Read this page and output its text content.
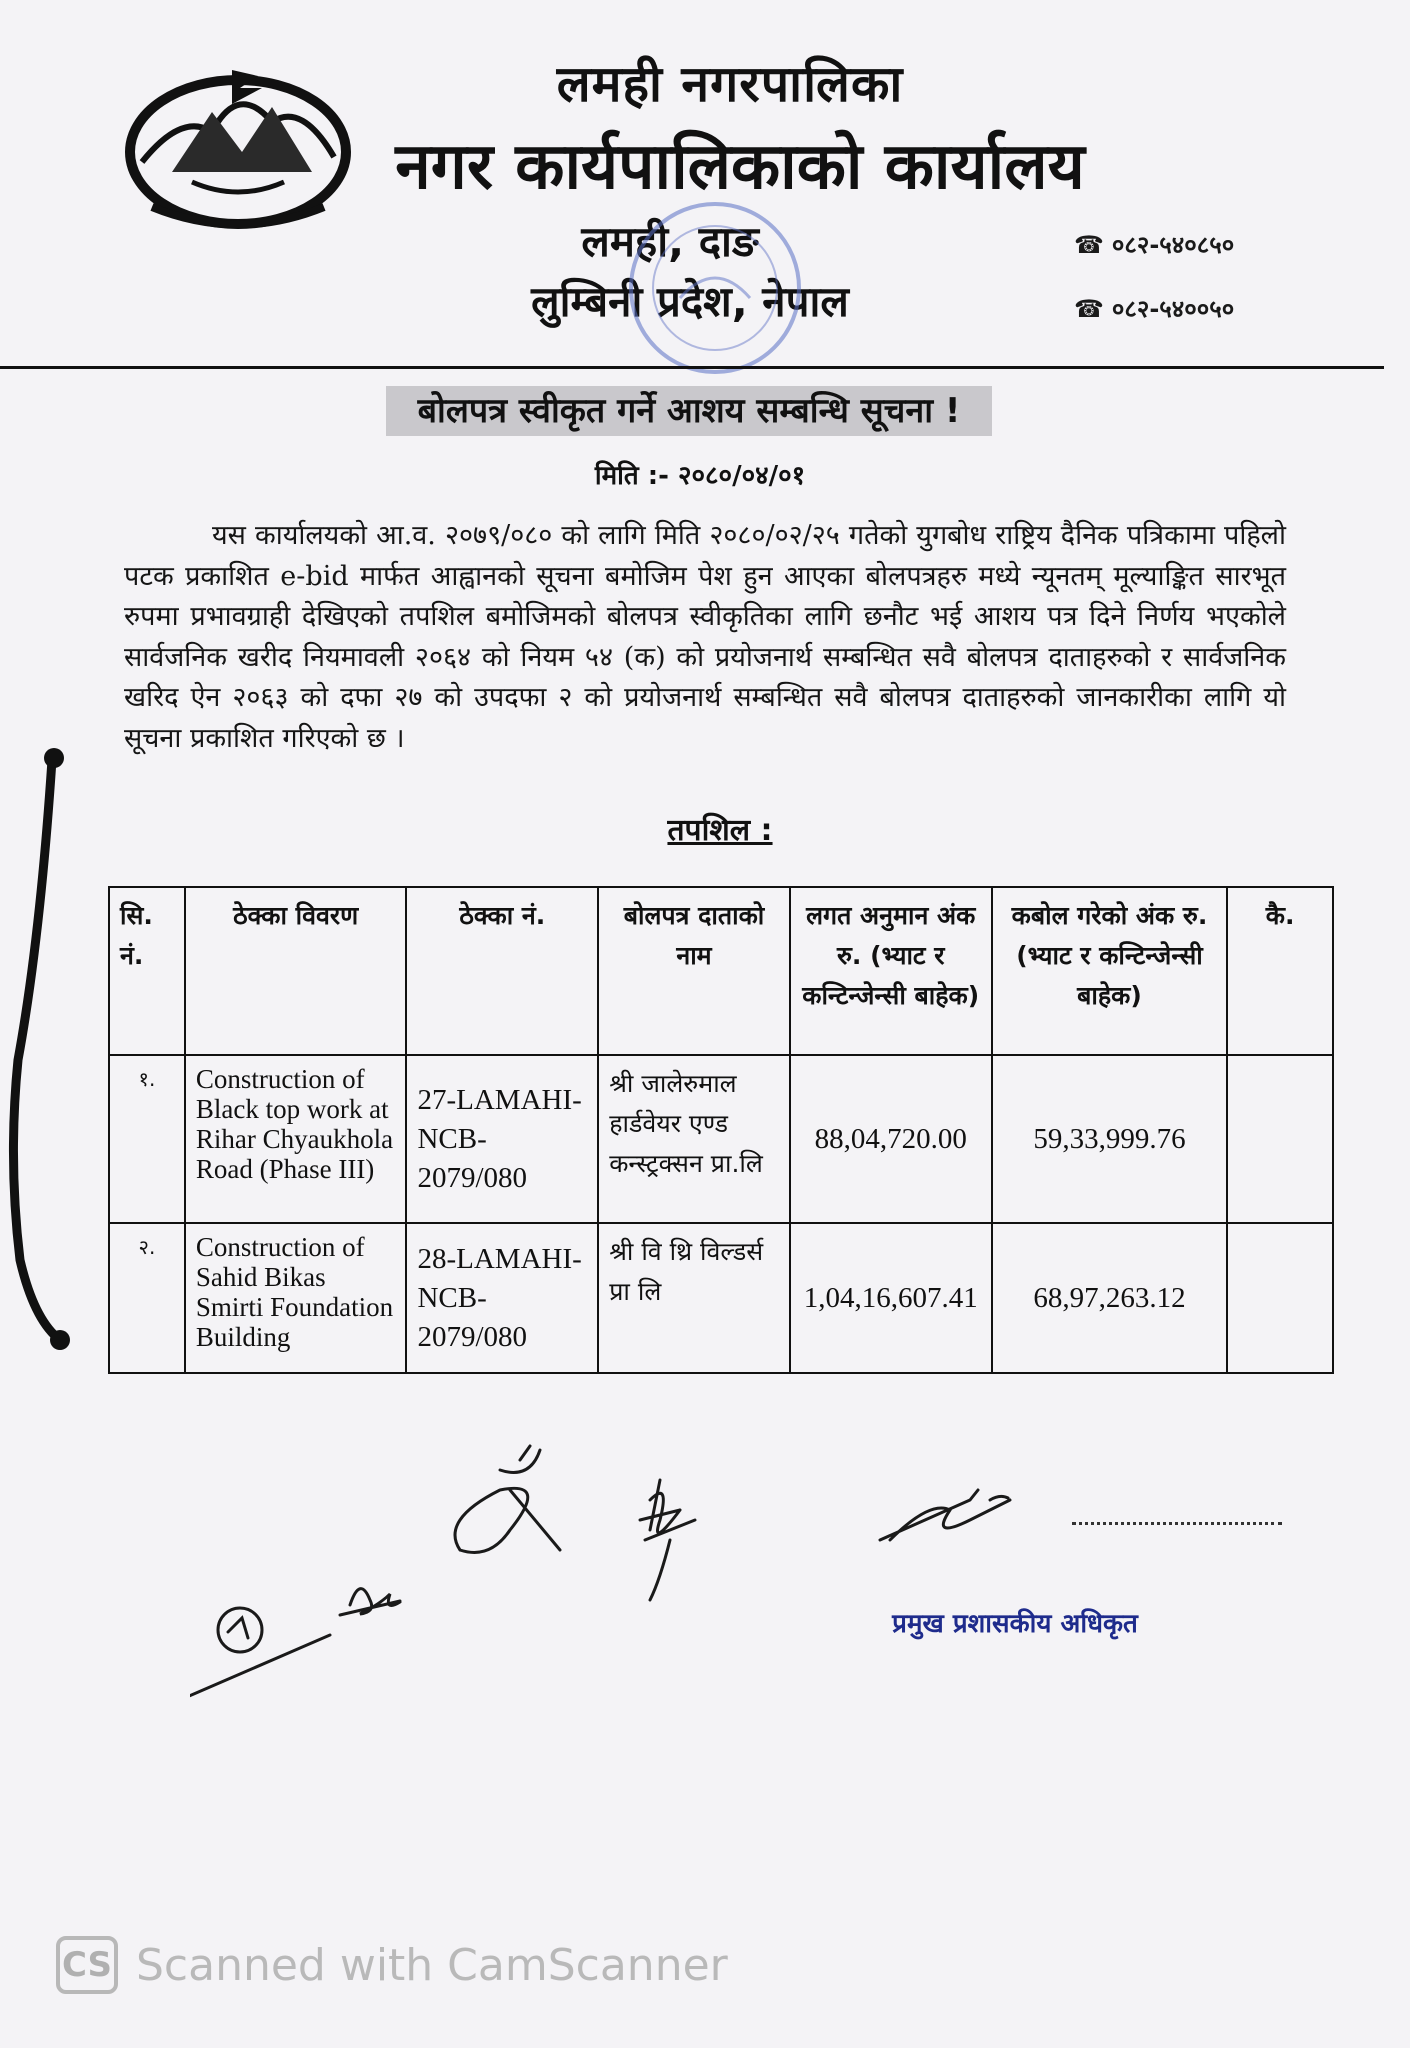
लमही नगरपालिका
नगर कार्यपालिकाको कार्यालय
लमही, दाङ
लुम्बिनी प्रदेश, नेपाल
☎ ०८२-५४०८५०
☎ ०८२-५४००५०
बोलपत्र स्वीकृत गर्ने आशय सम्बन्धि सूचना !
मिति :- २०८०/०४/०१
यस कार्यालयको आ.व. २०७९/०८० को लागि मिति २०८०/०२/२५ गतेको युगबोध राष्ट्रिय दैनिक पत्रिकामा पहिलो पटक प्रकाशित e-bid मार्फत आह्वानको सूचना बमोजिम पेश हुन आएका बोलपत्रहरु मध्ये न्यूनतम् मूल्याङ्कित सारभूत रुपमा प्रभावग्राही देखिएको तपशिल बमोजिमको बोलपत्र स्वीकृतिका लागि छनौट भई आशय पत्र दिने निर्णय भएकोले सार्वजनिक खरीद नियमावली २०६४ को नियम ५४ (क) को प्रयोजनार्थ सम्बन्धित सवै बोलपत्र दाताहरुको र सार्वजनिक खरिद ऐन २०६३ को दफा २७ को उपदफा २ को प्रयोजनार्थ सम्बन्धित सवै बोलपत्र दाताहरुको जानकारीका लागि यो सूचना प्रकाशित गरिएको छ ।
तपशिल :
सि. नं.	ठेक्का विवरण	ठेक्का नं.	बोलपत्र दाताको नाम	लगत अनुमान अंक रु. (भ्याट र कन्टिन्जेन्सी बाहेक)	कबोल गरेको अंक रु. (भ्याट र कन्टिन्जेन्सी बाहेक)	कै.
१.	Construction of Black top work at Rihar Chyaukhola Road (Phase III)	27-LAMAHI-NCB-2079/080	श्री जालेरुमाल हार्डवेयर एण्ड कन्स्ट्रक्सन प्रा.लि	88,04,720.00	59,33,999.76	
२.	Construction of Sahid Bikas Smirti Foundation Building	28-LAMAHI-NCB-2079/080	श्री वि थ्रि विल्डर्स प्रा लि	1,04,16,607.41	68,97,263.12	
प्रमुख प्रशासकीय अधिकृत
CS Scanned with CamScanner
